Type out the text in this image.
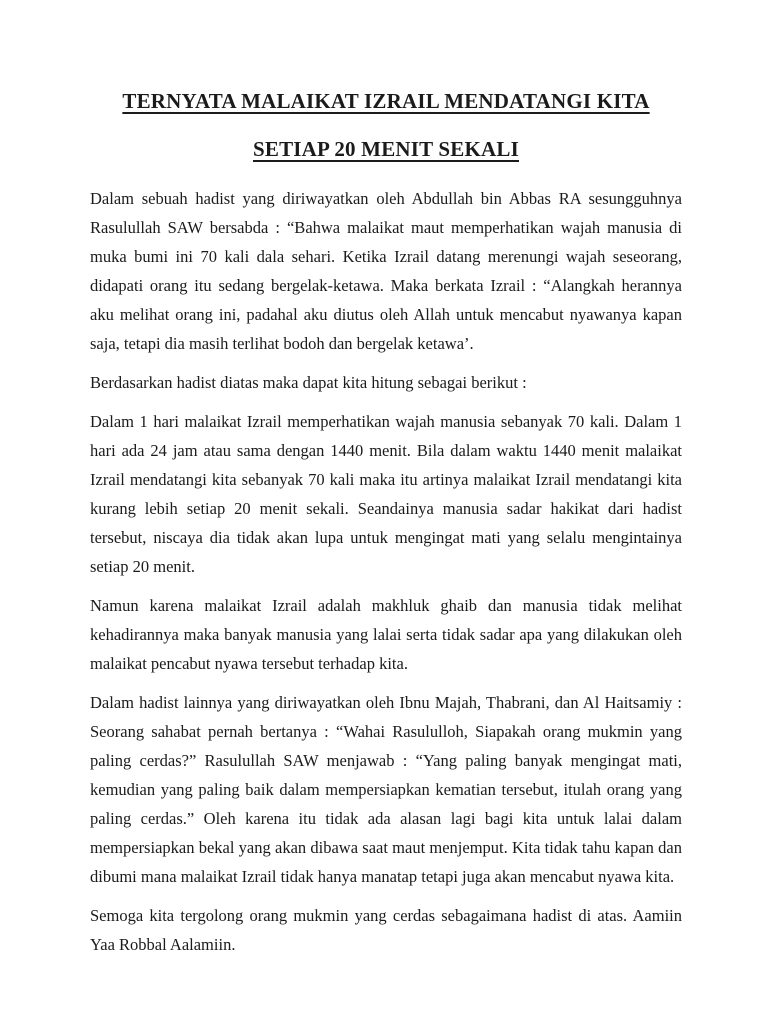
TERNYATA MALAIKAT IZRAIL MENDATANGI KITA
SETIAP 20 MENIT SEKALI

Dalam sebuah hadist yang diriwayatkan oleh Abdullah bin Abbas RA sesungguhnya Rasulullah SAW bersabda : “Bahwa malaikat maut memperhatikan wajah manusia di muka bumi ini 70 kali dala sehari. Ketika Izrail datang merenungi wajah seseorang, didapati orang itu sedang bergelak-ketawa. Maka berkata Izrail : “Alangkah herannya aku melihat orang ini, padahal aku diutus oleh Allah untuk mencabut nyawanya kapan saja, tetapi dia masih terlihat bodoh dan bergelak ketawa’.

Berdasarkan hadist diatas maka dapat kita hitung sebagai berikut :

Dalam 1 hari malaikat Izrail memperhatikan wajah manusia sebanyak 70 kali. Dalam 1 hari ada 24 jam atau sama dengan 1440 menit. Bila dalam waktu 1440 menit malaikat Izrail mendatangi kita sebanyak 70 kali maka itu artinya malaikat Izrail mendatangi kita kurang lebih setiap 20 menit sekali. Seandainya manusia sadar hakikat dari hadist tersebut, niscaya dia tidak akan lupa untuk mengingat mati yang selalu mengintainya setiap 20 menit.

Namun karena malaikat Izrail adalah makhluk ghaib dan manusia tidak melihat kehadirannya maka banyak manusia yang lalai serta tidak sadar apa yang dilakukan oleh malaikat pencabut nyawa tersebut terhadap kita.

Dalam hadist lainnya yang diriwayatkan oleh Ibnu Majah, Thabrani, dan Al Haitsamiy : Seorang sahabat pernah bertanya : “Wahai Rasululloh, Siapakah orang mukmin yang paling cerdas?” Rasulullah SAW menjawab : “Yang paling banyak mengingat mati, kemudian yang paling baik dalam mempersiapkan kematian tersebut, itulah orang yang paling cerdas.” Oleh karena itu tidak ada alasan lagi bagi kita untuk lalai dalam mempersiapkan bekal yang akan dibawa saat maut menjemput. Kita tidak tahu kapan dan dibumi mana malaikat Izrail tidak hanya manatap tetapi juga akan mencabut nyawa kita.

Semoga kita tergolong orang mukmin yang cerdas sebagaimana hadist di atas. Aamiin Yaa Robbal Aalamiin.
